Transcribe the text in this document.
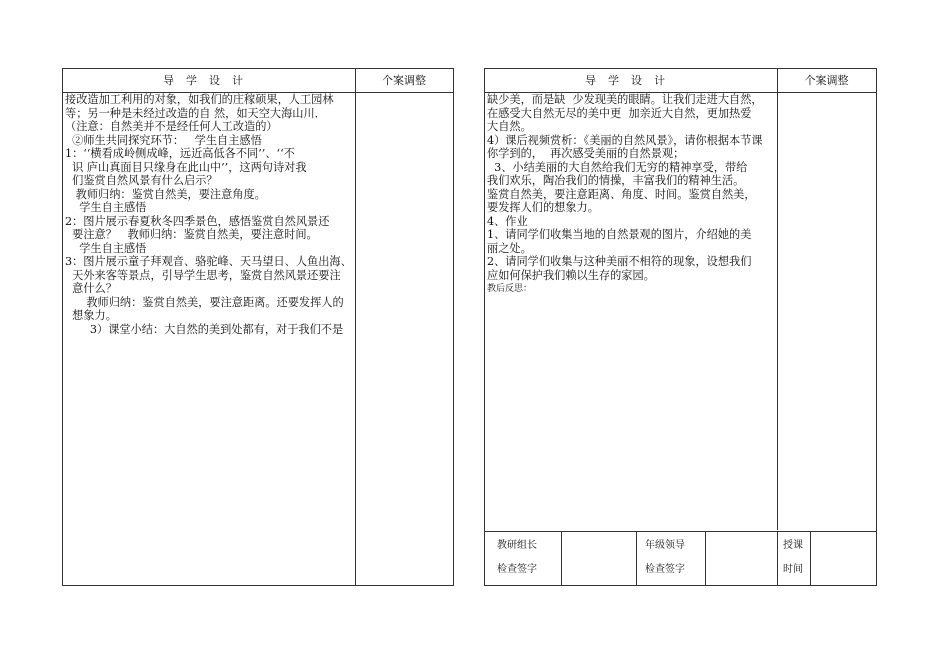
导学设计	个案调整

接改造加工利用的对象，如我们的庄稼硕果，人工园林

等；另一种是未经过改造的自 然，如天空大海山川．

（注意：自然美并不是经任何人工改造的）

②师生共同探究环节：   学生自主感悟

1：‘‘横看成岭侧成峰，远近高低各不同’’、‘‘不

识 庐山真面目只缘身在此山中’’，这两句诗对我

们鉴赏自然风景有什么启示？

教师归纳：鉴赏自然美，要注意角度。

学生自主感悟

2：图片展示春夏秋冬四季景色，感悟鉴赏自然风景还

要注意？   教师归纳：鉴赏自然美，要注意时间。

学生自主感悟

3：图片展示童子拜观音、骆驼峰、天马望日、人鱼出海、

天外来客等景点，引导学生思考，鉴赏自然风景还要注

意什么？

教师归纳：鉴赏自然美，要注意距离。还要发挥人的

想象力。

3）课堂小结：大自然的美到处都有，对于我们不是

导学设计	个案调整

缺少美，而是缺  少发现美的眼睛。让我们走进大自然，

在感受大自然无尽的美中更  加亲近大自然，更加热爱

大自然。

4）课后视频赏析：《美丽的自然风景》，请你根据本节课

你学到的，  再次感受美丽的自然景观；

3、小结美丽的大自然给我们无穷的精神享受，带给

我们欢乐，陶冶我们的情操，丰富我们的精神生活。

鉴赏自然美，要注意距离、角度、时间。鉴赏自然美，

要发挥人们的想象力。

4、作业

1、请同学们收集当地的自然景观的图片，介绍她的美

丽之处。

2、请同学们收集与这种美丽不相符的现象，设想我们

应如何保护我们赖以生存的家园。

教后反思：

教研组长
检查签字
年级领导
检查签字
授课
时间
